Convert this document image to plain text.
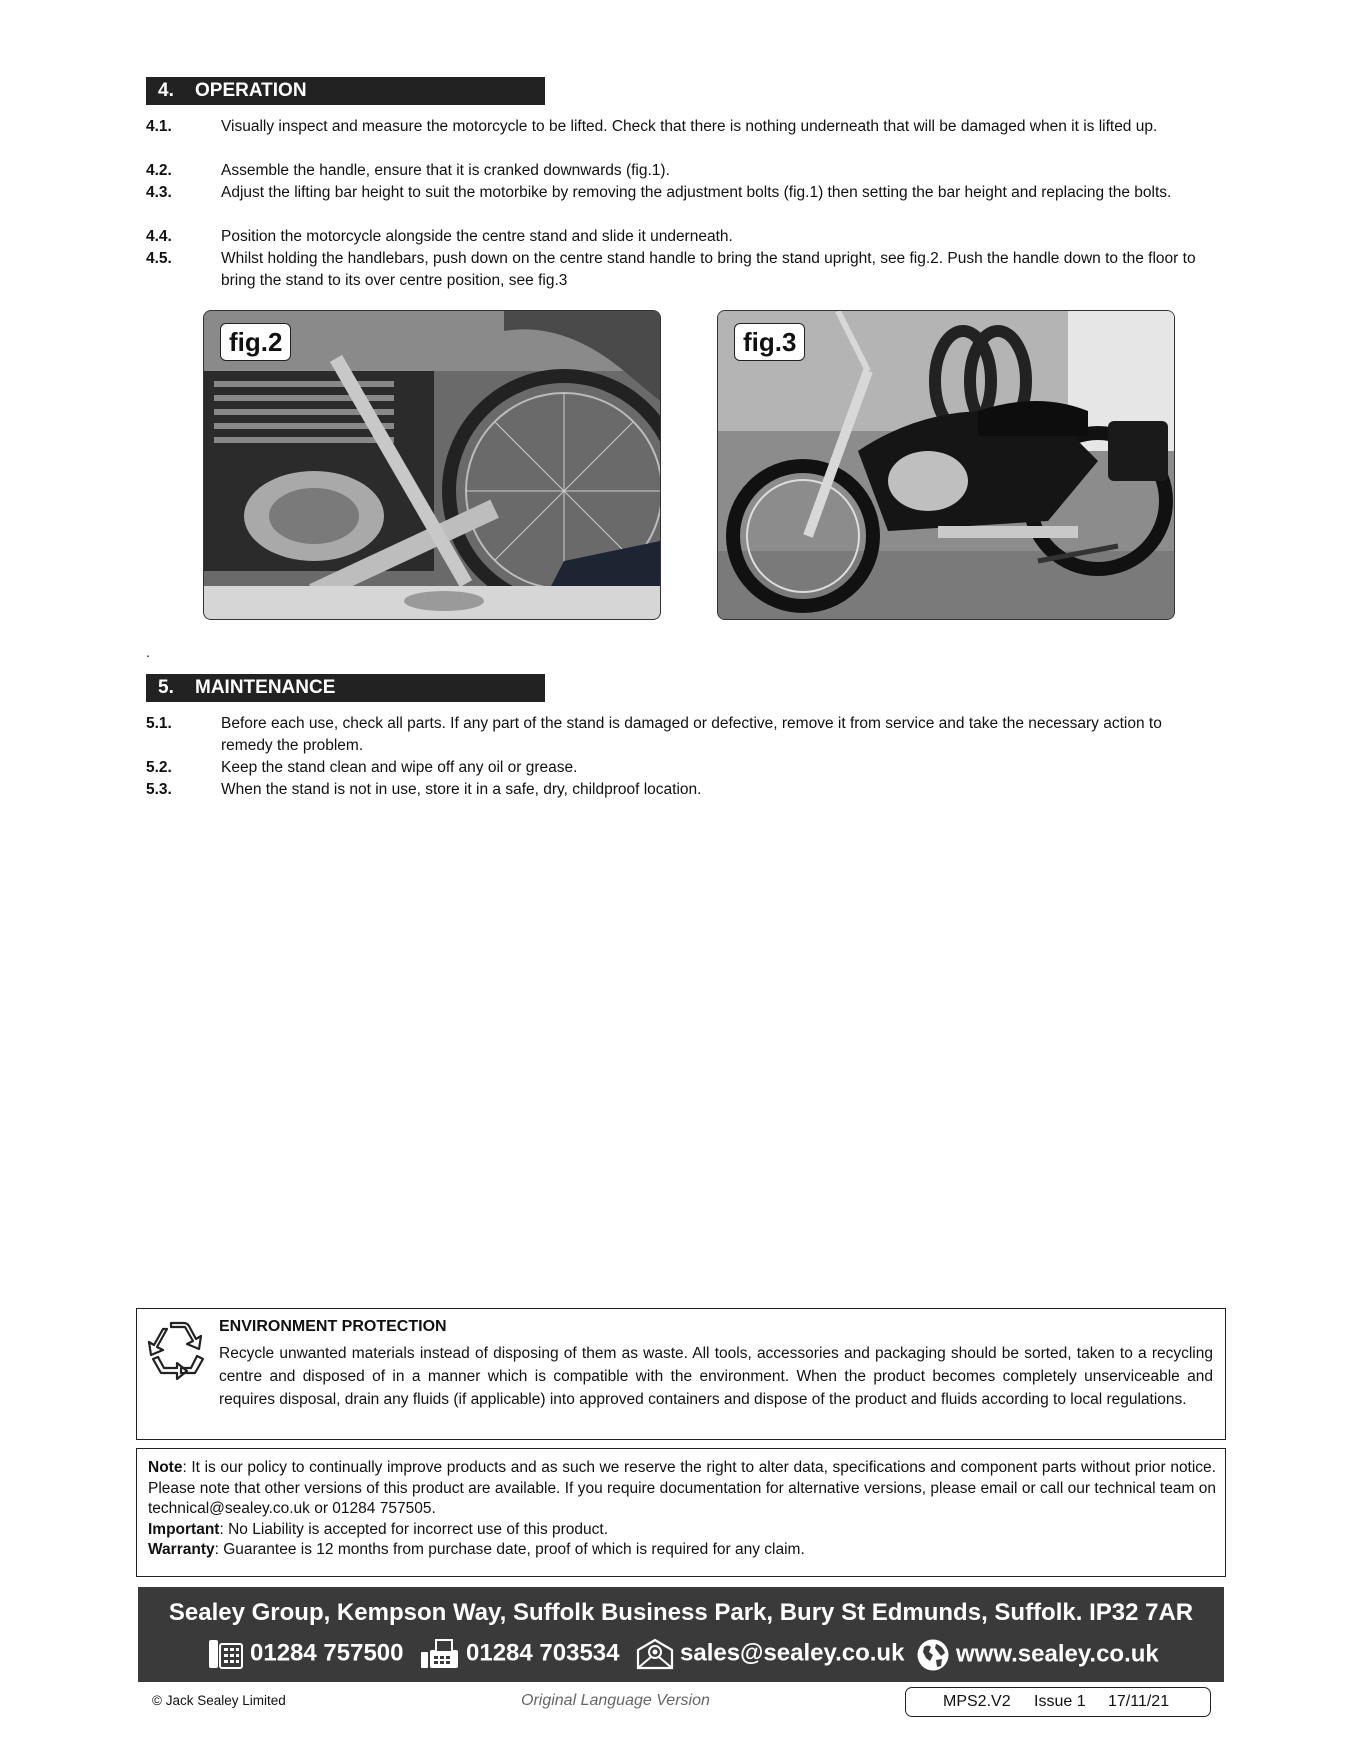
4. OPERATION
4.1.	Visually inspect and measure the motorcycle to be lifted. Check that there is nothing underneath that will be damaged when it is lifted up.
4.2.	Assemble the handle, ensure that it is cranked downwards (fig.1).
4.3.	Adjust the lifting bar height to suit the motorbike by removing the adjustment bolts (fig.1) then setting the bar height and replacing the bolts.
4.4.	Position the motorcycle alongside the centre stand and slide it underneath.
4.5.	Whilst holding the handlebars, push down on the centre stand handle to bring the stand upright, see fig.2. Push the handle down to the floor to bring the stand to its over centre position, see fig.3
fig.2	fig.3
.
5. MAINTENANCE
5.1.	Before each use, check all parts. If any part of the stand is damaged or defective, remove it from service and take the necessary action to remedy the problem.
5.2.	Keep the stand clean and wipe off any oil or grease.
5.3.	When the stand is not in use, store it in a safe, dry, childproof location.
ENVIRONMENT PROTECTION
Recycle unwanted materials instead of disposing of them as waste. All tools, accessories and packaging should be sorted, taken to a recycling centre and disposed of in a manner which is compatible with the environment. When the product becomes completely unserviceable and requires disposal, drain any fluids (if applicable) into approved containers and dispose of the product and fluids according to local regulations.
Note: It is our policy to continually improve products and as such we reserve the right to alter data, specifications and component parts without prior notice. Please note that other versions of this product are available. If you require documentation for alternative versions, please email or call our technical team on technical@sealey.co.uk or 01284 757505.
Important: No Liability is accepted for incorrect use of this product.
Warranty: Guarantee is 12 months from purchase date, proof of which is required for any claim.
Sealey Group, Kempson Way, Suffolk Business Park, Bury St Edmunds, Suffolk. IP32 7AR
01284 757500	01284 703534	sales@sealey.co.uk	www.sealey.co.uk
© Jack Sealey Limited	Original Language Version	MPS2.V2 Issue 1 17/11/21
